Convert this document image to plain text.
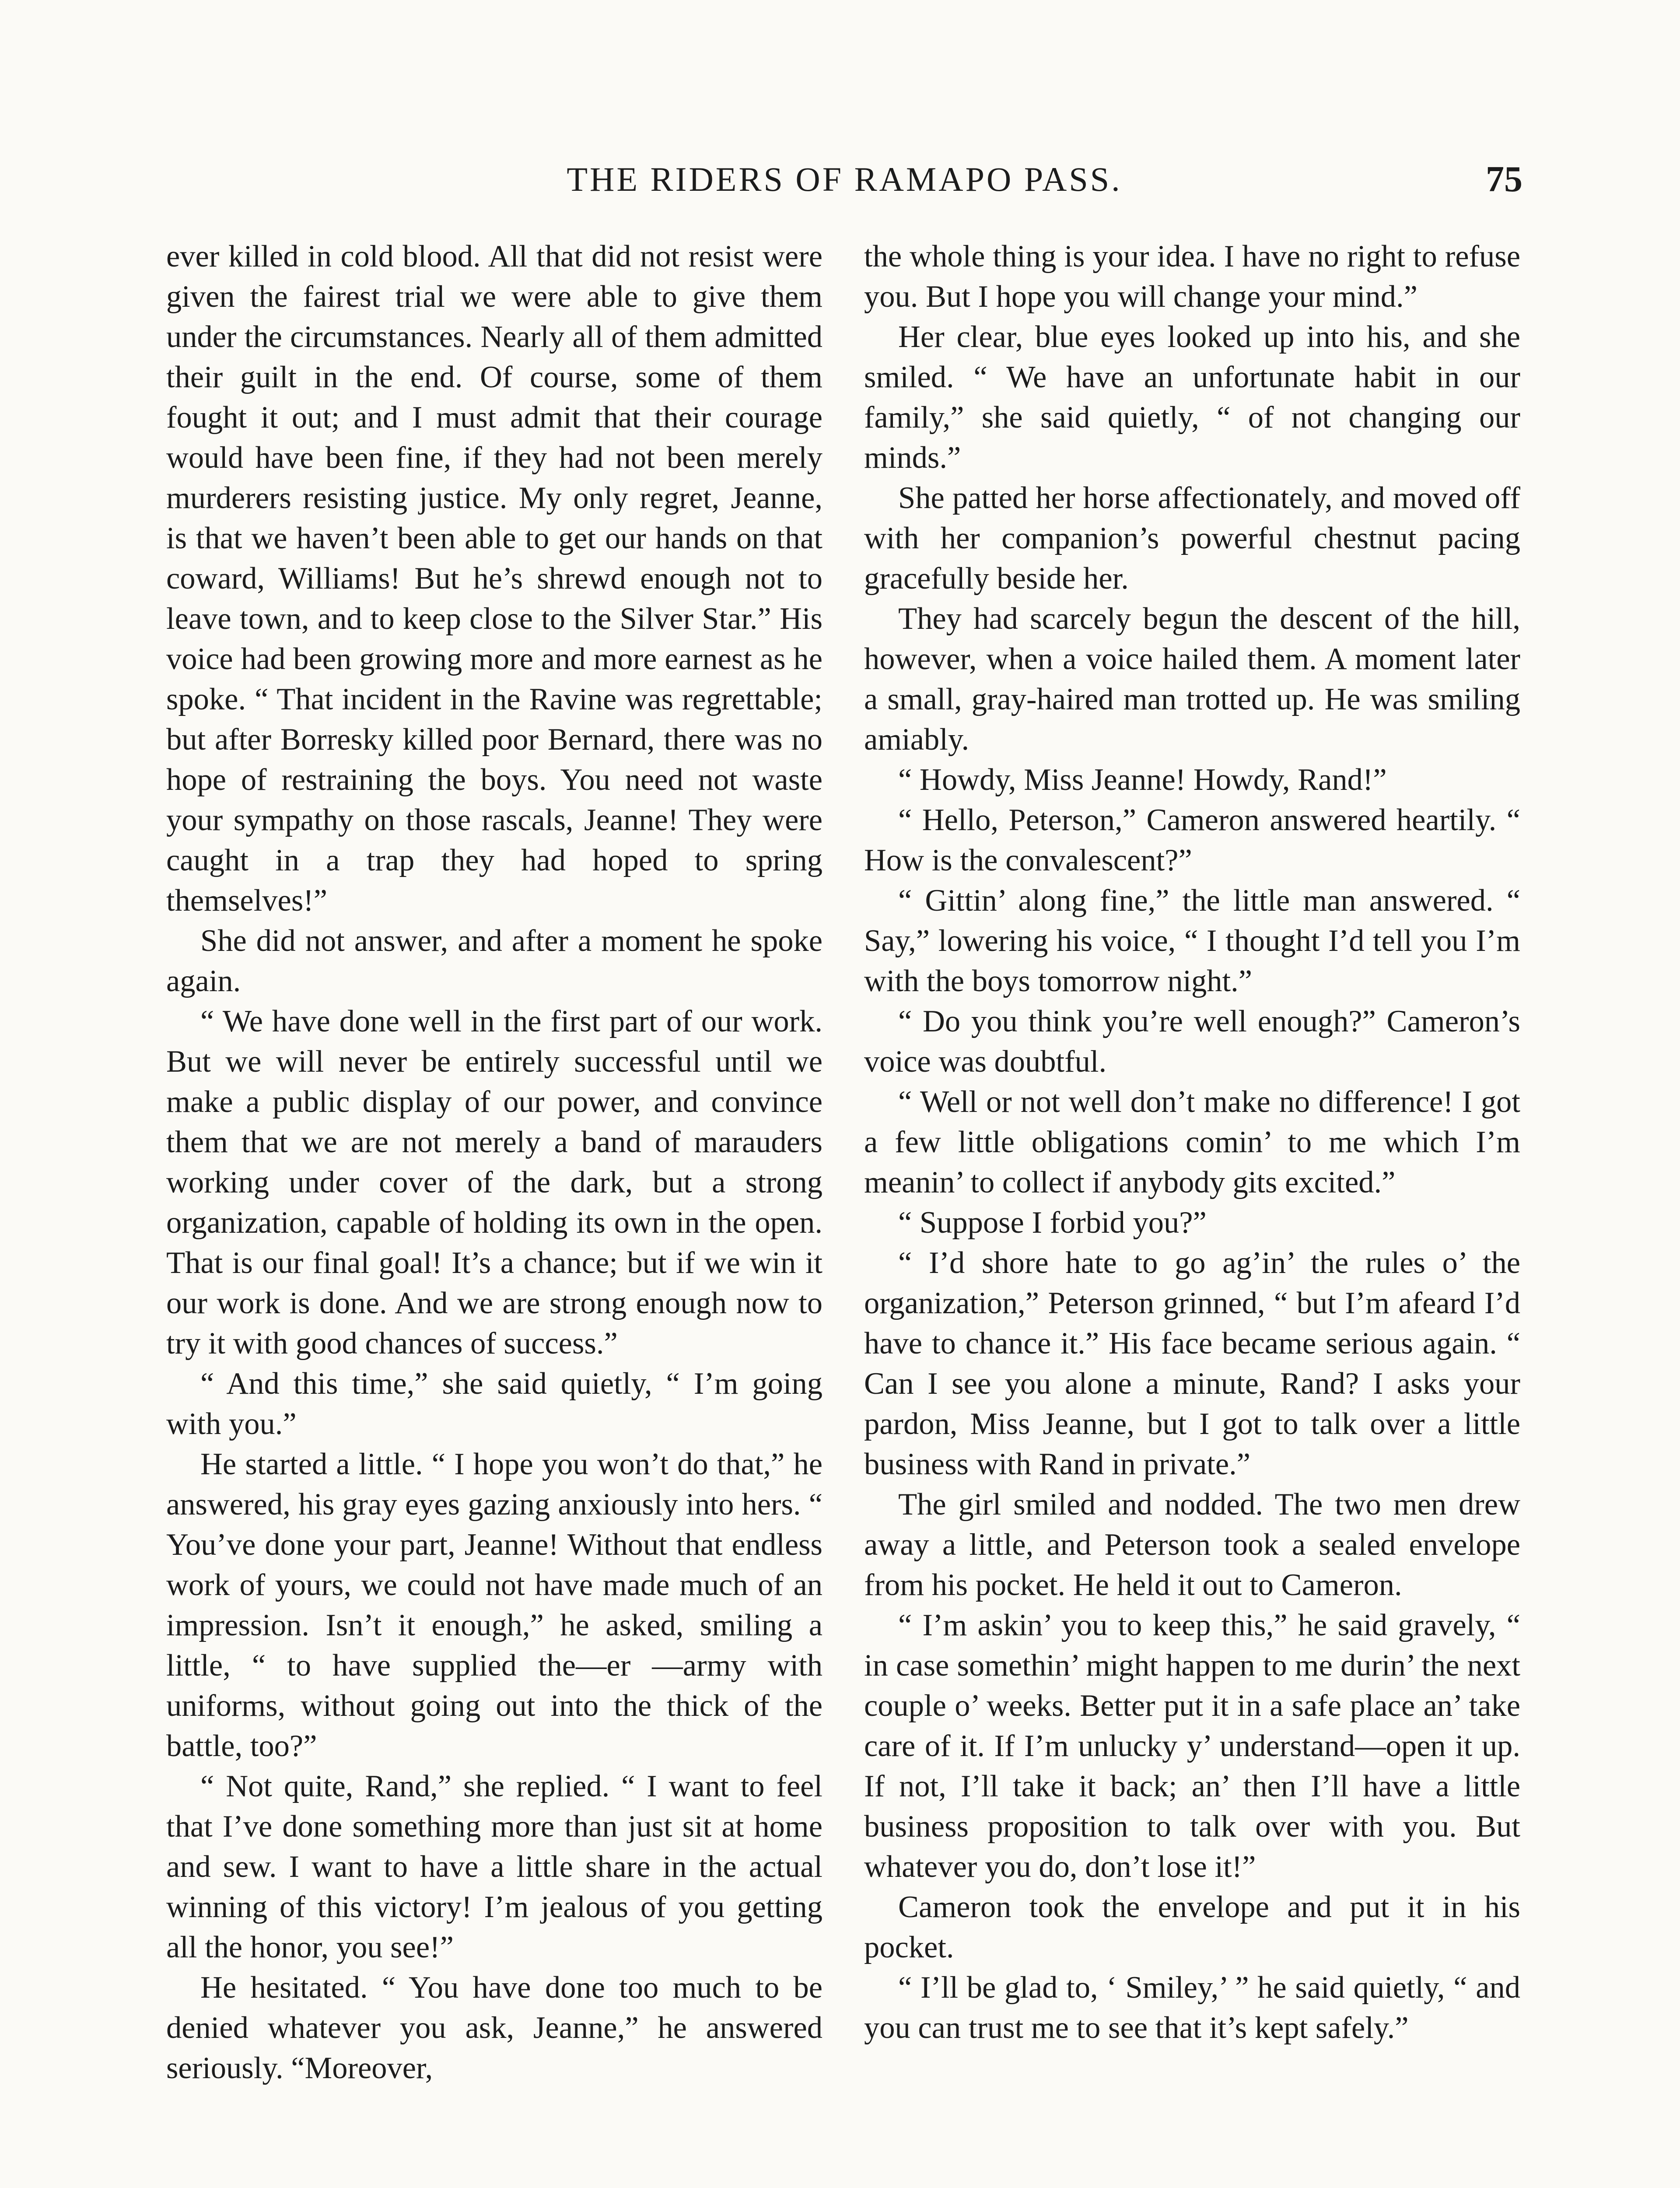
THE RIDERS OF RAMAPO PASS.	75

ever killed in cold blood. All that did not resist were given the fairest trial we were able to give them under the circumstances. Nearly all of them admitted their guilt in the end. Of course, some of them fought it out; and I must admit that their courage would have been fine, if they had not been merely murderers resisting justice. My only regret, Jeanne, is that we haven’t been able to get our hands on that coward, Williams! But he’s shrewd enough not to leave town, and to keep close to the Silver Star.” His voice had been growing more and more earnest as he spoke. “ That incident in the Ravine was regrettable; but after Borresky killed poor Bernard, there was no hope of restraining the boys. You need not waste your sympathy on those rascals, Jeanne! They were caught in a trap they had hoped to spring themselves!”

She did not answer, and after a moment he spoke again.

“ We have done well in the first part of our work. But we will never be entirely successful until we make a public display of our power, and convince them that we are not merely a band of marauders working under cover of the dark, but a strong organization, capable of holding its own in the open. That is our final goal! It’s a chance; but if we win it our work is done. And we are strong enough now to try it with good chances of success.”

“ And this time,” she said quietly, “ I’m going with you.”

He started a little. “ I hope you won’t do that,” he answered, his gray eyes gazing anxiously into hers. “ You’ve done your part, Jeanne! Without that endless work of yours, we could not have made much of an impression. Isn’t it enough,” he asked, smiling a little, “ to have supplied the—er —army with uniforms, without going out into the thick of the battle, too?”

“ Not quite, Rand,” she replied. “ I want to feel that I’ve done something more than just sit at home and sew. I want to have a little share in the actual winning of this victory! I’m jealous of you getting all the honor, you see!”

He hesitated. “ You have done too much to be denied whatever you ask, Jeanne,” he answered seriously. “Moreover,

the whole thing is your idea. I have no right to refuse you. But I hope you will change your mind.”

Her clear, blue eyes looked up into his, and she smiled. “ We have an unfortunate habit in our family,” she said quietly, “ of not changing our minds.”

She patted her horse affectionately, and moved off with her companion’s powerful chestnut pacing gracefully beside her.

They had scarcely begun the descent of the hill, however, when a voice hailed them. A moment later a small, gray-haired man trotted up. He was smiling amiably.

“ Howdy, Miss Jeanne! Howdy, Rand!”

“ Hello, Peterson,” Cameron answered heartily. “ How is the convalescent?”

“ Gittin’ along fine,” the little man answered. “ Say,” lowering his voice, “ I thought I’d tell you I’m with the boys tomorrow night.”

“ Do you think you’re well enough?” Cameron’s voice was doubtful.

“ Well or not well don’t make no difference! I got a few little obligations comin’ to me which I’m meanin’ to collect if anybody gits excited.”

“ Suppose I forbid you?”

“ I’d shore hate to go ag’in’ the rules o’ the organization,” Peterson grinned, “ but I’m afeard I’d have to chance it.” His face became serious again. “ Can I see you alone a minute, Rand? I asks your pardon, Miss Jeanne, but I got to talk over a little business with Rand in private.”

The girl smiled and nodded. The two men drew away a little, and Peterson took a sealed envelope from his pocket. He held it out to Cameron.

“ I’m askin’ you to keep this,” he said gravely, “ in case somethin’ might happen to me durin’ the next couple o’ weeks. Better put it in a safe place an’ take care of it. If I’m unlucky y’ understand—open it up. If not, I’ll take it back; an’ then I’ll have a little business proposition to talk over with you. But whatever you do, don’t lose it!”

Cameron took the envelope and put it in his pocket.

“ I’ll be glad to, ‘ Smiley,’ ” he said quietly, “ and you can trust me to see that it’s kept safely.”
